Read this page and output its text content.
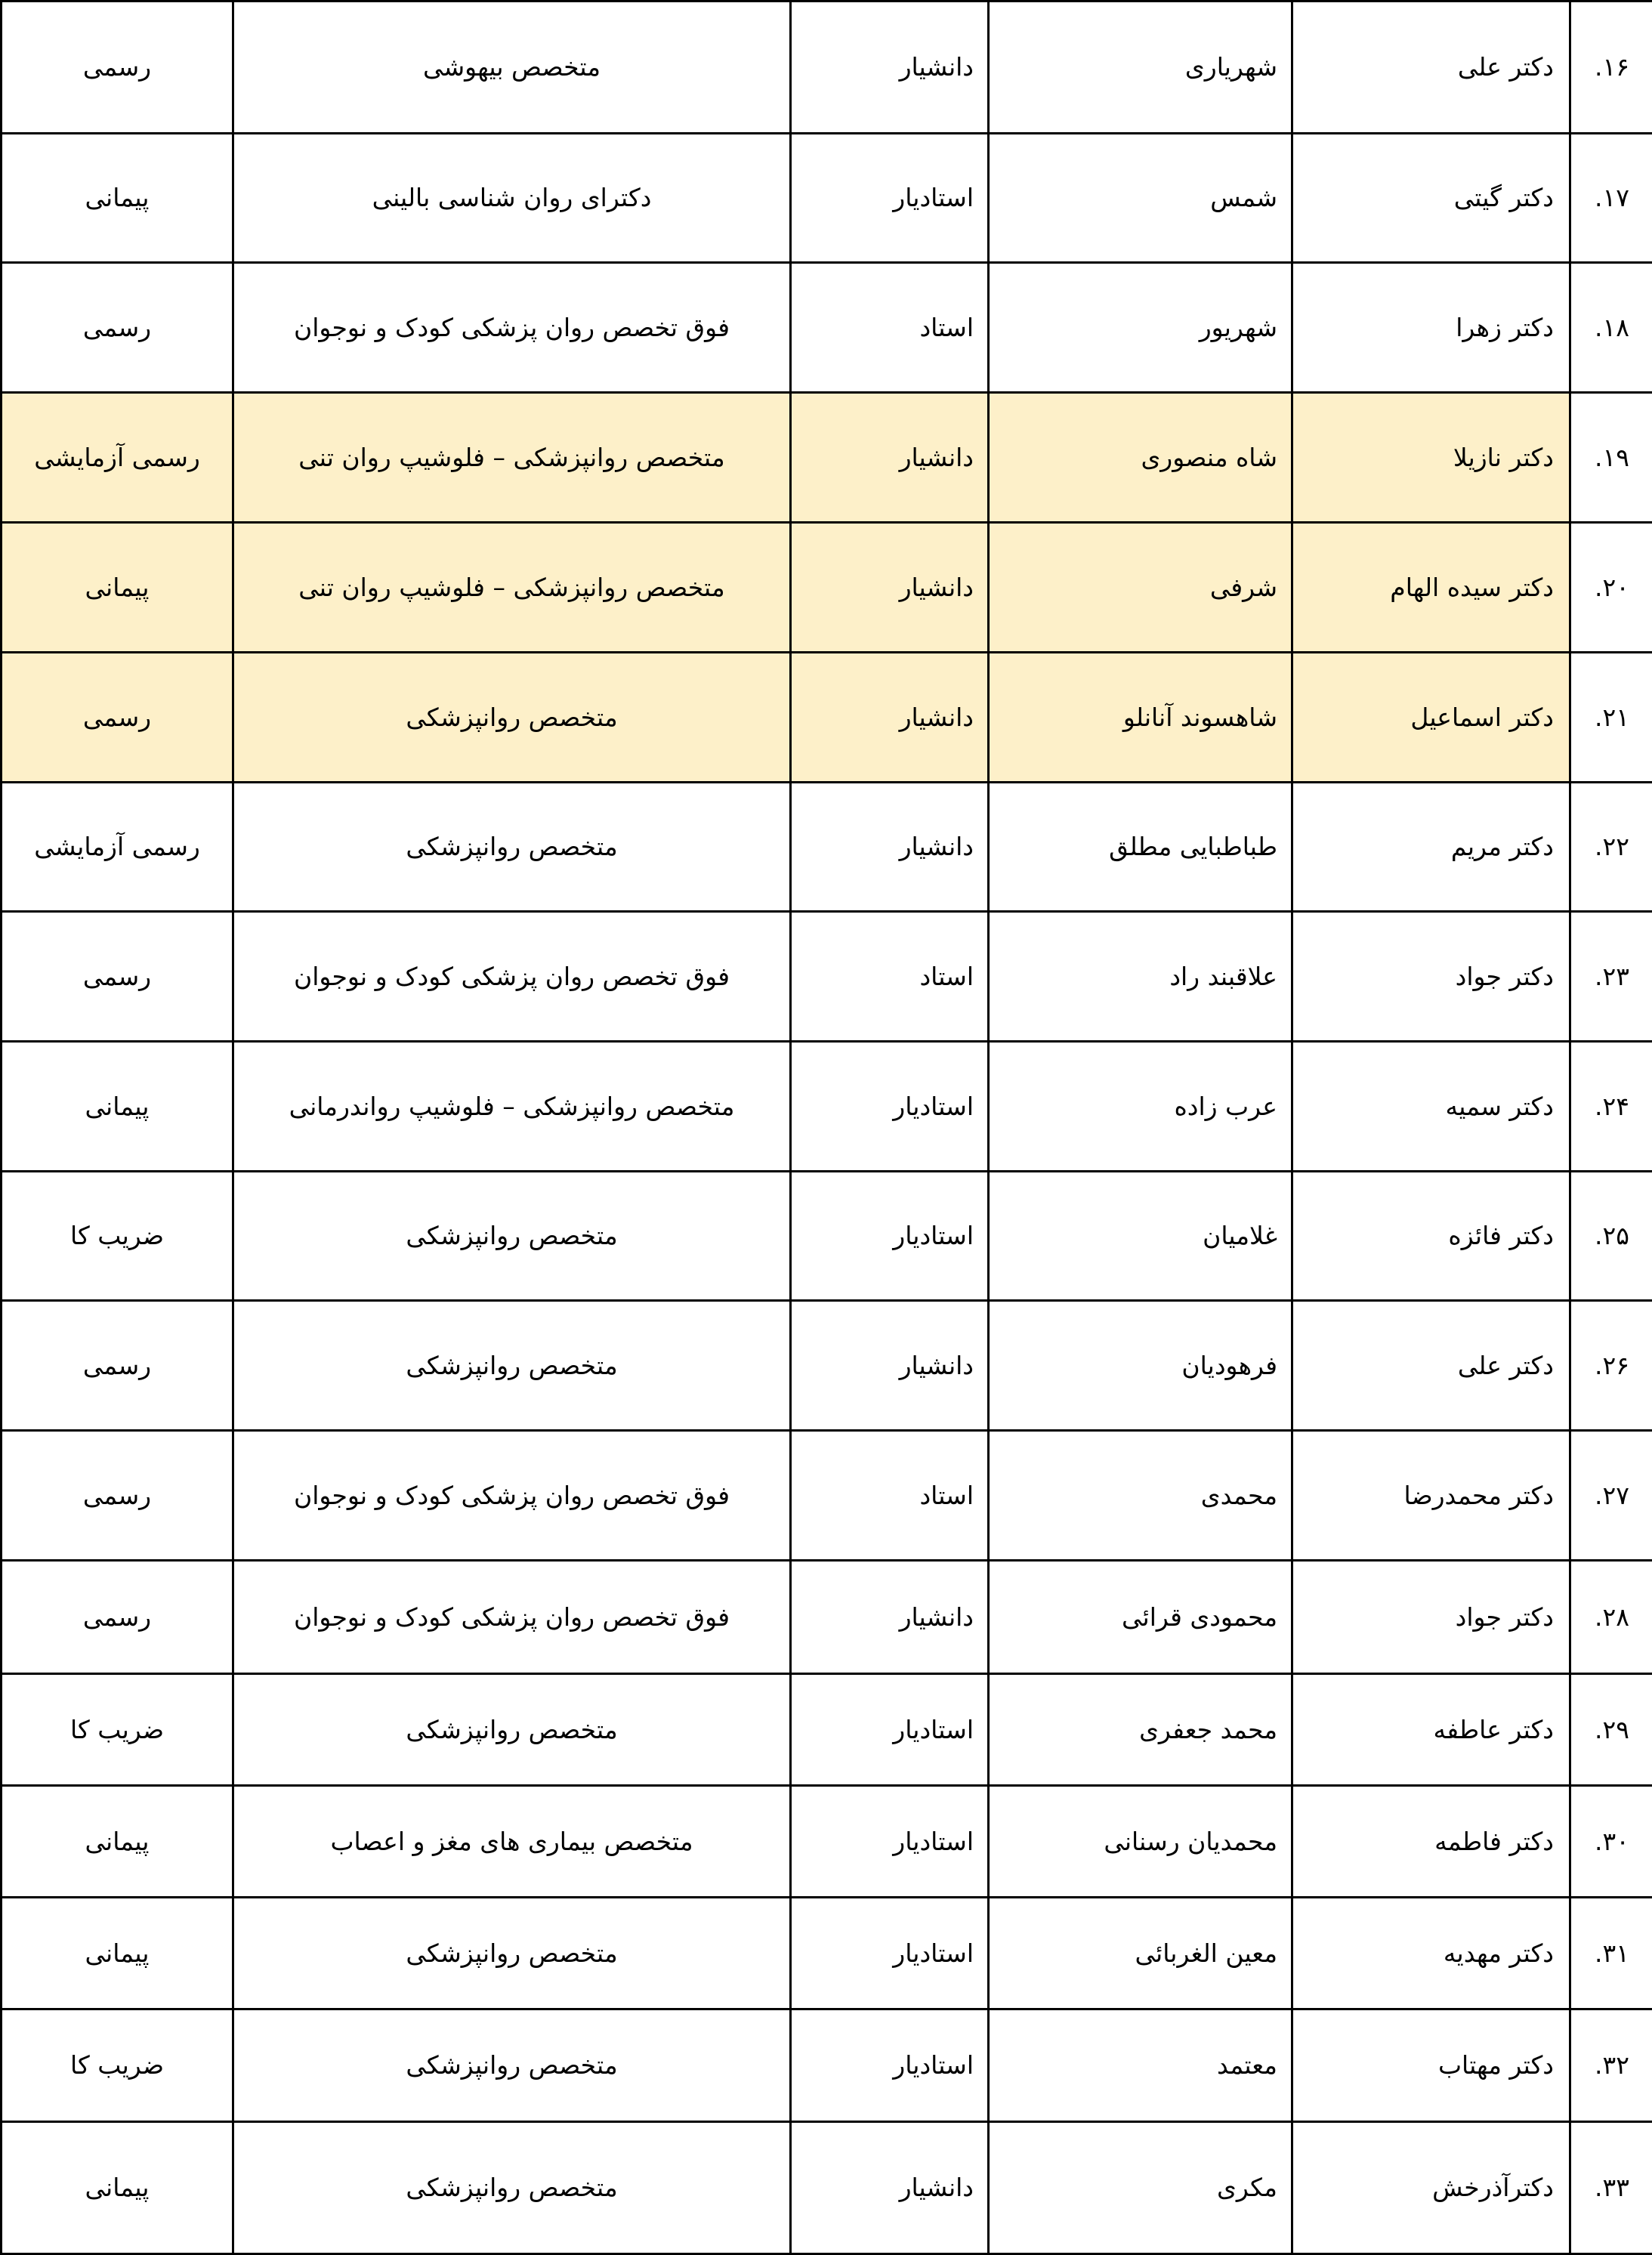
۱۶.	دکتر علی	شهریاری	دانشیار	متخصص بیهوشی	رسمی
۱۷.	دکتر گیتی	شمس	استادیار	دکترای روان شناسی بالینی	پیمانی
۱۸.	دکتر زهرا	شهریور	استاد	فوق تخصص روان پزشکی کودک و نوجوان	رسمی
۱۹.	دکتر نازیلا	شاه منصوری	دانشیار	متخصص روانپزشکی – فلوشیپ روان تنی	رسمی آزمایشی
۲۰.	دکتر سیده الهام	شرفی	دانشیار	متخصص روانپزشکی – فلوشیپ روان تنی	پیمانی
۲۱.	دکتر اسماعیل	شاهسوند آنانلو	دانشیار	متخصص روانپزشکی	رسمی
۲۲.	دکتر مریم	طباطبایی مطلق	دانشیار	متخصص روانپزشکی	رسمی آزمایشی
۲۳.	دکتر جواد	علاقبند راد	استاد	فوق تخصص روان پزشکی کودک و نوجوان	رسمی
۲۴.	دکتر سمیه	عرب زاده	استادیار	متخصص روانپزشکی – فلوشیپ رواندرمانی	پیمانی
۲۵.	دکتر فائزه	غلامیان	استادیار	متخصص روانپزشکی	ضریب کا
۲۶.	دکتر علی	فرهودیان	دانشیار	متخصص روانپزشکی	رسمی
۲۷.	دکتر محمدرضا	محمدی	استاد	فوق تخصص روان پزشکی کودک و نوجوان	رسمی
۲۸.	دکتر جواد	محمودی قرائی	دانشیار	فوق تخصص روان پزشکی کودک و نوجوان	رسمی
۲۹.	دکتر عاطفه	محمد جعفری	استادیار	متخصص روانپزشکی	ضریب کا
۳۰.	دکتر فاطمه	محمدیان رسنانی	استادیار	متخصص بیماری های مغز و اعصاب	پیمانی
۳۱.	دکتر مهدیه	معین الغربائی	استادیار	متخصص روانپزشکی	پیمانی
۳۲.	دکتر مهتاب	معتمد	استادیار	متخصص روانپزشکی	ضریب کا
۳۳.	دکترآذرخش	مکری	دانشیار	متخصص روانپزشکی	پیمانی
